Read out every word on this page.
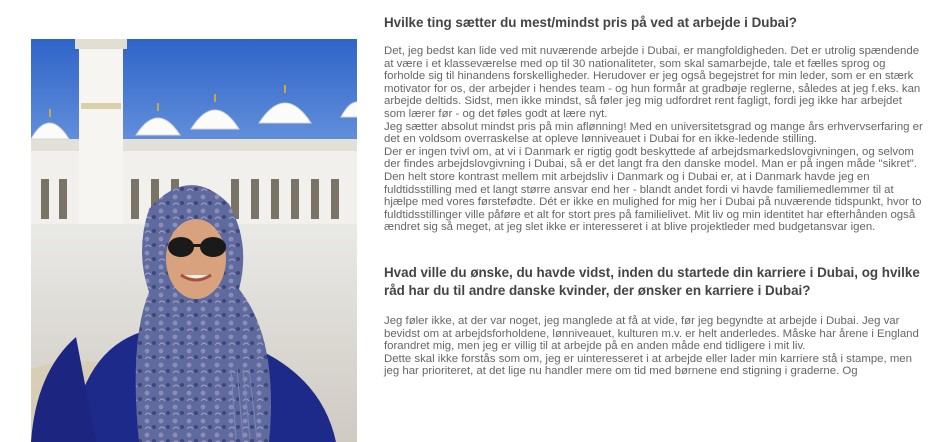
Hvilke ting sætter du mest/mindst pris på ved at arbejde i Dubai?

Det, jeg bedst kan lide ved mit nuværende arbejde i Dubai, er mangfoldigheden. Det er utrolig spændende at være i et klasseværelse med op til 30 nationaliteter, som skal samarbejde, tale et fælles sprog og forholde sig til hinandens forskelligheder. Herudover er jeg også begejstret for min leder, som er en stærk motivator for os, der arbejder i hendes team - og hun formår at gradbøje reglerne, således at jeg f.eks. kan arbejde deltids. Sidst, men ikke mindst, så føler jeg mig udfordret rent fagligt, fordi jeg ikke har arbejdet som lærer før - og det føles godt at lære nyt.

Jeg sætter absolut mindst pris på min aflønning! Med en universitetsgrad og mange års erhvervserfaring er det en voldsom overraskelse at opleve lønniveauet i Dubai for en ikke-ledende stilling.

Der er ingen tvivl om, at vi i Danmark er rigtig godt beskyttede af arbejdsmarkedslovgivningen, og selvom der findes arbejdslovgivning i Dubai, så er det langt fra den danske model. Man er på ingen måde "sikret".

Den helt store kontrast mellem mit arbejdsliv i Danmark og i Dubai er, at i Danmark havde jeg en fuldtidsstilling med et langt større ansvar end her - blandt andet fordi vi havde familiemedlemmer til at hjælpe med vores førstefødte. Dét er ikke en mulighed for mig her i Dubai på nuværende tidspunkt, hvor to fuldtidsstillinger ville påføre et alt for stort pres på familielivet. Mit liv og min identitet har efterhånden også ændret sig så meget, at jeg slet ikke er interesseret i at blive projektleder med budgetansvar igen.

Hvad ville du ønske, du havde vidst, inden du startede din karriere i Dubai, og hvilke råd har du til andre danske kvinder, der ønsker en karriere i Dubai?

Jeg føler ikke, at der var noget, jeg manglede at få at vide, før jeg begyndte at arbejde i Dubai. Jeg var bevidst om at arbejdsforholdene, lønniveauet, kulturen m.v. er helt anderledes. Måske har årene i England forandret mig, men jeg er villig til at arbejde på en anden måde end tidligere i mit liv.

Dette skal ikke forstås som om, jeg er uinteresseret i at arbejde eller lader min karriere stå i stampe, men jeg har prioriteret, at det lige nu handler mere om tid med børnene end stigning i graderne. Og
